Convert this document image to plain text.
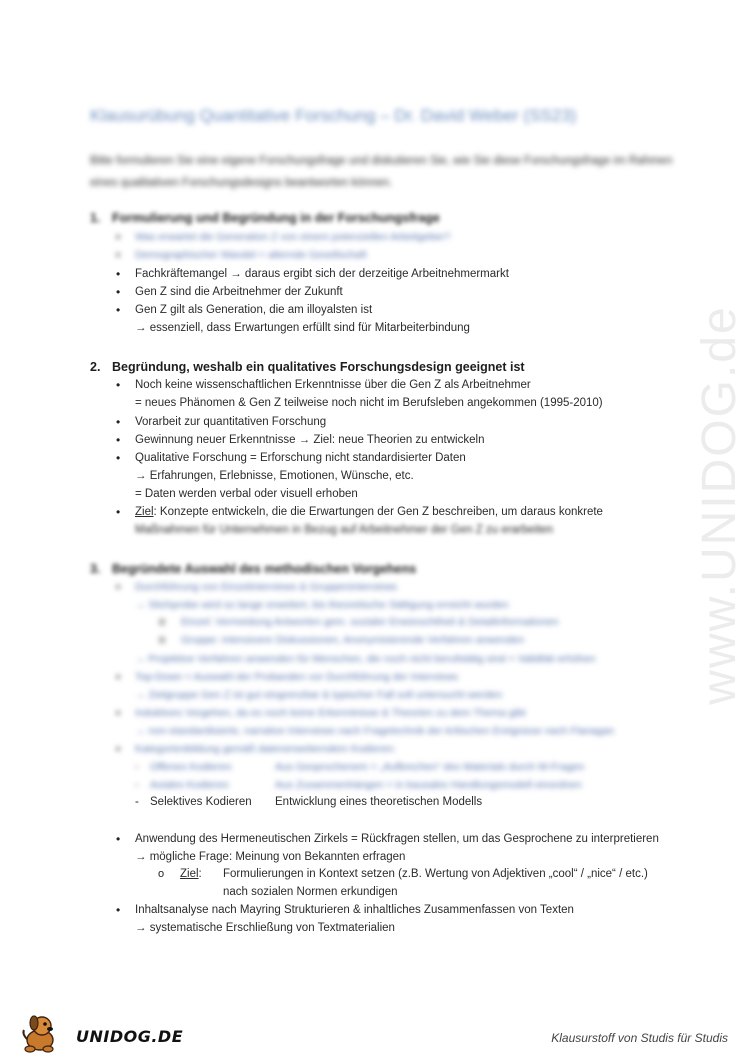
www.UNIDOG.de
Klausurübung Quantitative Forschung – Dr. David Weber (SS23)
Bitte formulieren Sie eine eigene Forschungsfrage und diskutieren Sie, wie Sie diese Forschungsfrage im Rahmen eines qualitativen Forschungsdesigns beantworten können.
1. Formulierung und Begründung in der Forschungsfrage
• Was erwartet die Generation Z von einem potenziellen Arbeitgeber?
• Demographischer Wandel = alternde Gesellschaft
• Fachkräftemangel → daraus ergibt sich der derzeitige Arbeitnehmermarkt
• Gen Z sind die Arbeitnehmer der Zukunft
• Gen Z gilt als Generation, die am illoyalsten ist
→ essenziell, dass Erwartungen erfüllt sind für Mitarbeiterbindung
2. Begründung, weshalb ein qualitatives Forschungsdesign geeignet ist
• Noch keine wissenschaftlichen Erkenntnisse über die Gen Z als Arbeitnehmer
= neues Phänomen & Gen Z teilweise noch nicht im Berufsleben angekommen (1995-2010)
• Vorarbeit zur quantitativen Forschung
• Gewinnung neuer Erkenntnisse → Ziel: neue Theorien zu entwickeln
• Qualitative Forschung = Erforschung nicht standardisierter Daten
→ Erfahrungen, Erlebnisse, Emotionen, Wünsche, etc.
= Daten werden verbal oder visuell erhoben
• Ziel: Konzepte entwickeln, die die Erwartungen der Gen Z beschreiben, um daraus konkrete
Maßnahmen für Unternehmen in Bezug auf Arbeitnehmer der Gen Z zu erarbeiten
3. Begründete Auswahl des methodischen Vorgehens
• Durchführung von Einzelinterviews & Gruppeninterviews
→ Stichprobe wird so lange erweitert, bis theoretische Sättigung erreicht wurden
o Einzel: Vermeidung Antworten gem. sozialer Erwünschtheit & Detailinformationen
o Gruppe: intensivere Diskussionen, Anonymisierende Verfahren anwenden
→ Projektive Verfahren anwenden für Menschen, die noch nicht berufstätig sind = Validität erhöhen
• Top-Down = Auswahl der Probanden vor Durchführung der Interviews
→ Zielgruppe Gen Z ist gut eingrenzbar & typischer Fall soll untersucht werden
• Induktives Vorgehen, da es noch keine Erkenntnisse & Theorien zu dem Thema gibt
→ non-standardisierte, narrative Interviews nach Fragetechnik der kritischen Ereignisse nach Flanagan
• Kategorienbildung gemäß datenerweiterndem Kodieren:
- Offenes Kodieren	Aus Gesprochenem = „Aufbrechen“ des Materials durch W-Fragen
- Axiales Kodieren	Aus Zusammenhängen = in kausales Handlungsmodell einordnen
- Selektives Kodieren Entwicklung eines theoretischen Modells
• Anwendung des Hermeneutischen Zirkels = Rückfragen stellen, um das Gesprochene zu interpretieren
→ mögliche Frage: Meinung von Bekannten erfragen
o Ziel: Formulierungen in Kontext setzen (z.B. Wertung von Adjektiven „cool“ / „nice“ / etc.)
nach sozialen Normen erkundigen
• Inhaltsanalyse nach Mayring Strukturieren & inhaltliches Zusammenfassen von Texten
→ systematische Erschließung von Textmaterialien
UNIDOG.DE	Klausurstoff von Studis für Studis
